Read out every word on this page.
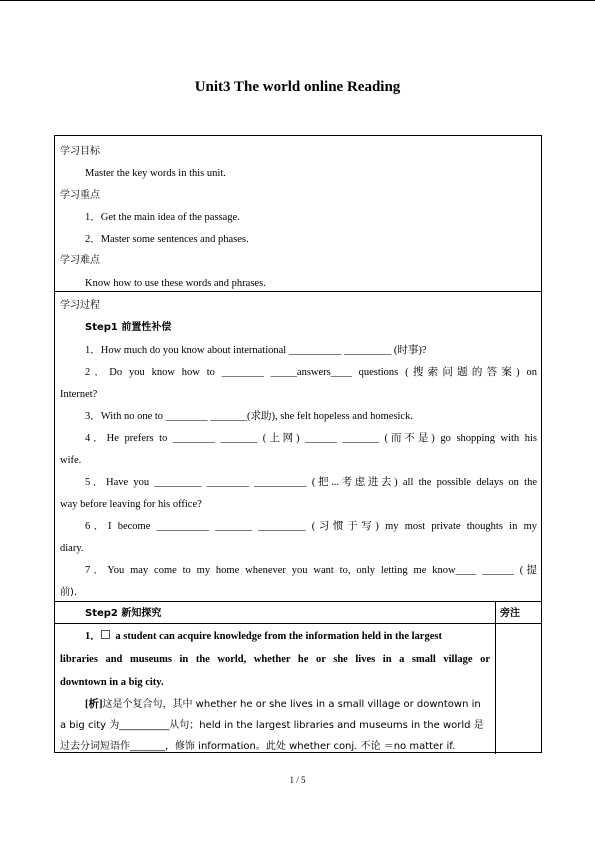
Unit3 The world online Reading
学习目标
Master the key words in this unit.
学习重点
1．Get the main idea of the passage.
2．Master some sentences and phases.
学习难点
Know how to use these words and phrases.
学习过程
Step1 前置性补偿
1．How much do you know about international __________ _________ (时事)?
2．Do you know how to ________ _____answers____ questions (搜索问题的答案) on
Internet?
3．With no one to ________ _______(求助), she felt hopeless and homesick.
4．He prefers to ________ _______ (上网) ______ _______ (而不是) go shopping with his
wife.
5．Have you _________ ________ __________ (把...考虑进去) all the possible delays on the
way before leaving for his office?
6．I become __________ _______ _________ (习惯于写) my most private thoughts in my
diary.
7．You may come to my home whenever you want to, only letting me know____ ______ (提
前).
Step2 新知探究	旁注
1． a student can acquire knowledge from the information held in the largest
libraries and museums in the world, whether he or she lives in a small village or
downtown in a big city.
[析]这是个复合句，其中 whether he or she lives in a small village or downtown in
a big city 为__________从句；held in the largest libraries and museums in the world 是
过去分词短语作_______，修饰 information。此处 whether conj. 不论 ＝no matter if.
1 / 5
